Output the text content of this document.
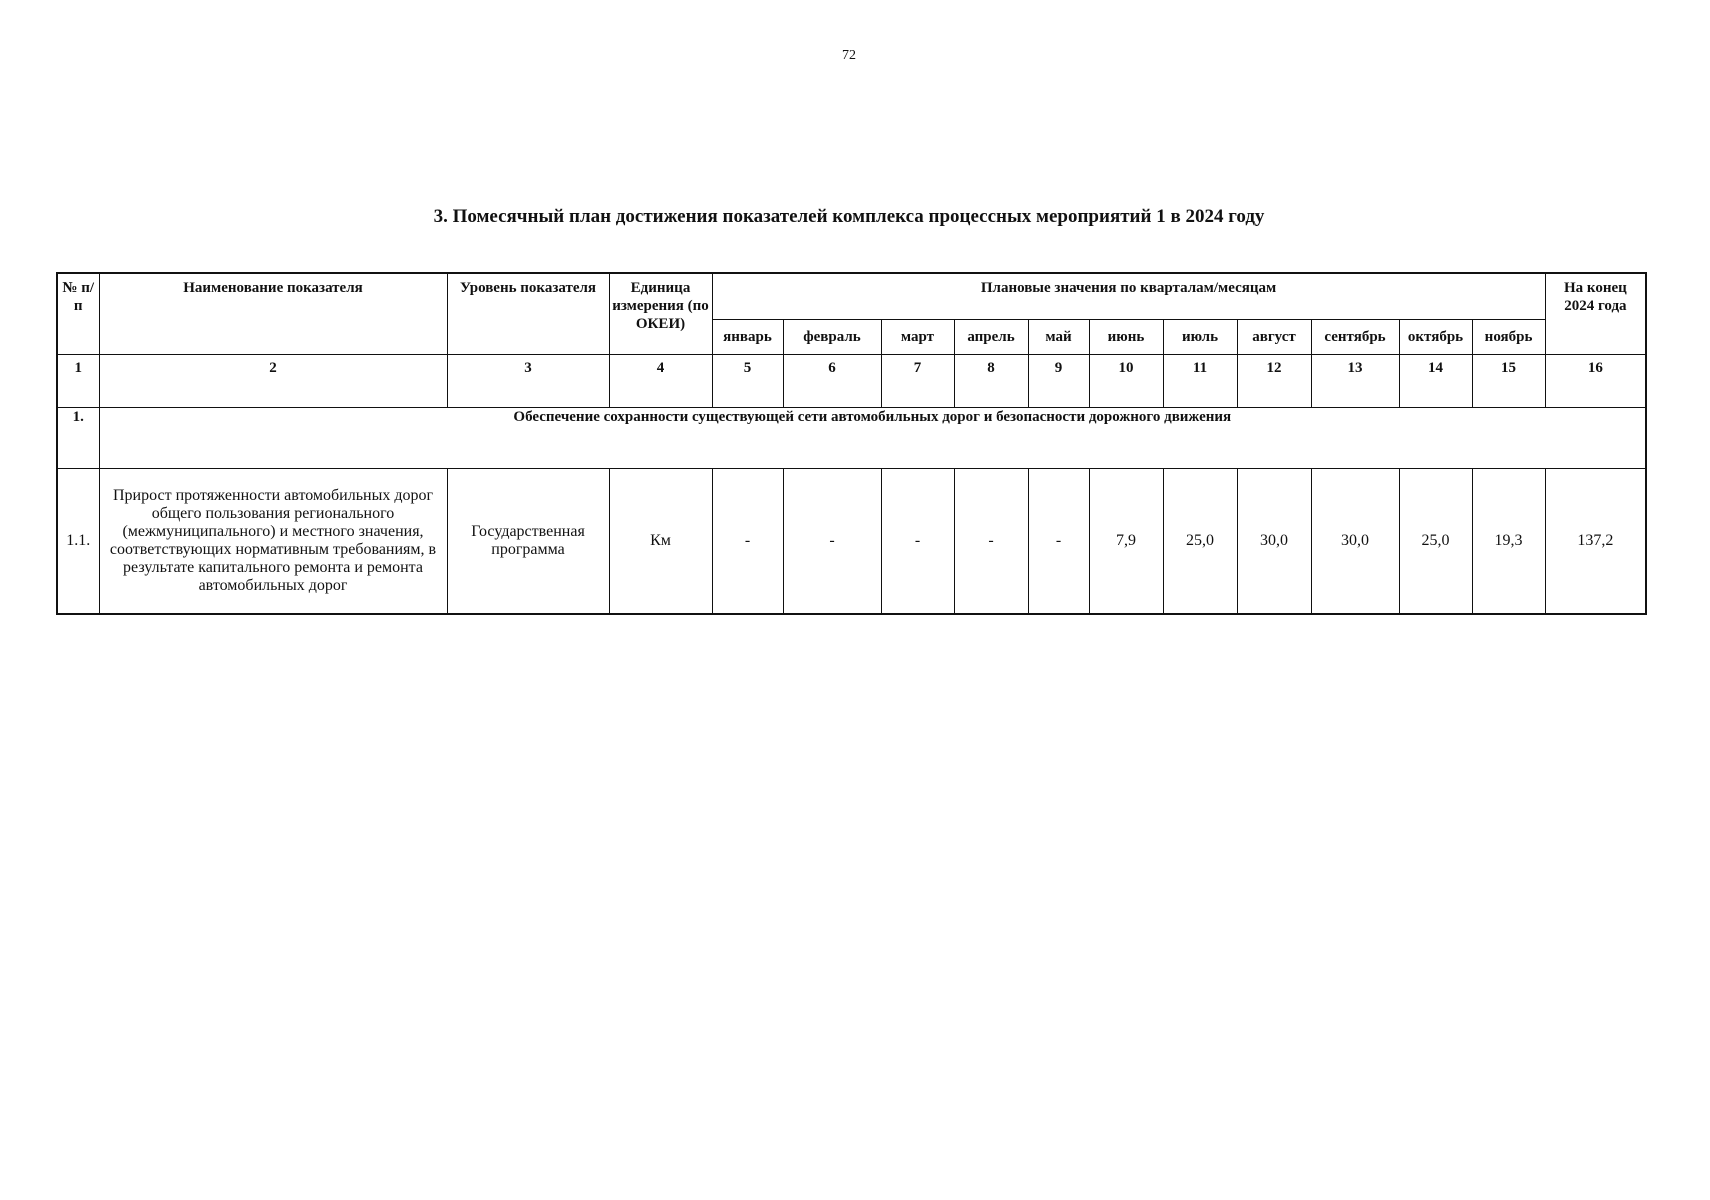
72
3. Помесячный план достижения показателей комплекса процессных мероприятий 1 в 2024 году
№ п/п	Наименование показателя	Уровень показателя	Единица измерения (по ОКЕИ)	Плановые значения по кварталам/месяцам											На конец 2024 года
				январь	февраль	март	апрель	май	июнь	июль	август	сентябрь	октябрь	ноябрь	
1	2	3	4	5	6	7	8	9	10	11	12	13	14	15	16
1.	Обеспечение сохранности существующей сети автомобильных дорог и безопасности дорожного движения														
1.1.	Прирост протяженности автомобильных дорог общего пользования регионального (межмуниципального) и местного значения, соответствующих нормативным требованиям, в результате капитального ремонта и ремонта автомобильных дорог	Государственная программа	Км	-	-	-	-	-	7,9	25,0	30,0	30,0	25,0	19,3	137,2
